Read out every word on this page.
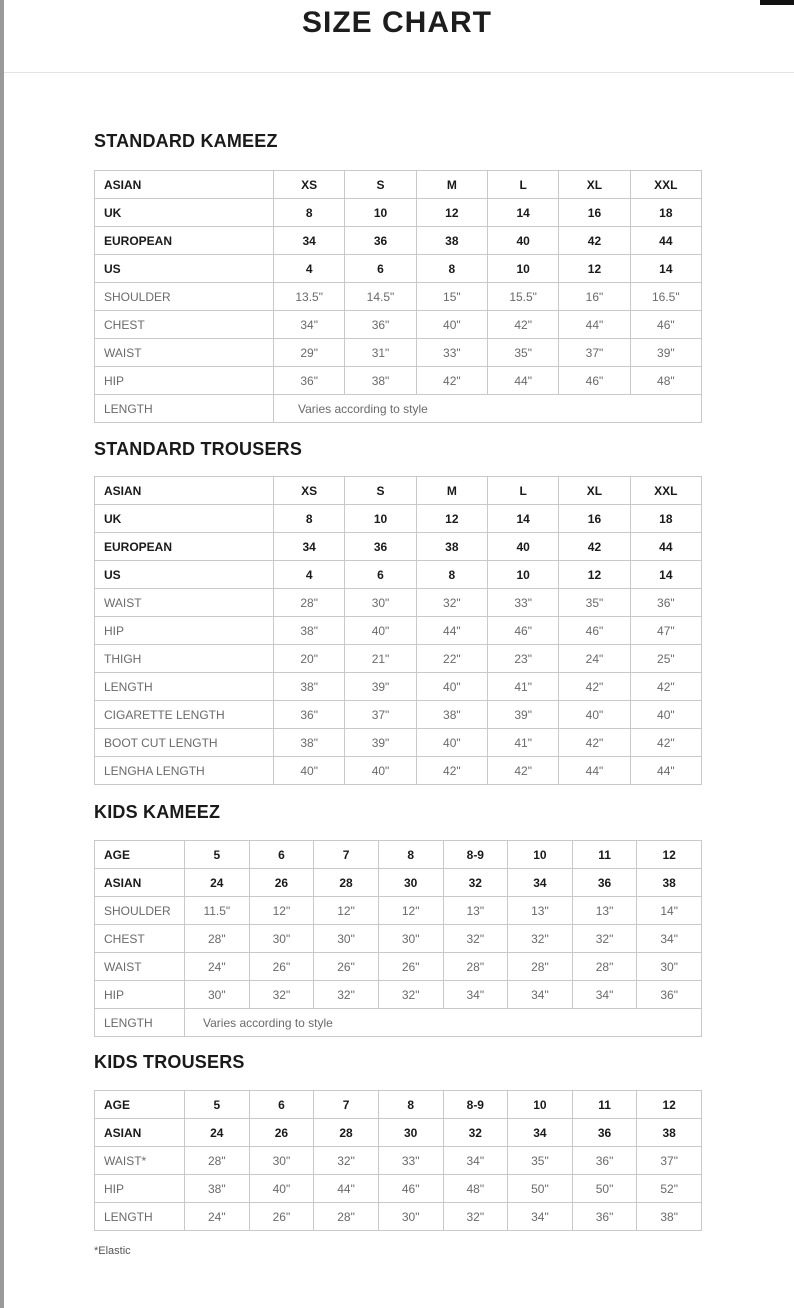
SIZE CHART
STANDARD KAMEEZ
ASIAN	XS	S	M	L	XL	XXL
UK	8	10	12	14	16	18
EUROPEAN	34	36	38	40	42	44
US	4	6	8	10	12	14
SHOULDER	13.5"	14.5"	15"	15.5"	16"	16.5"
CHEST	34"	36"	40"	42"	44"	46"
WAIST	29"	31"	33"	35"	37"	39"
HIP	36"	38"	42"	44"	46"	48"
LENGTH	Varies according to style					
STANDARD TROUSERS
ASIAN	XS	S	M	L	XL	XXL
UK	8	10	12	14	16	18
EUROPEAN	34	36	38	40	42	44
US	4	6	8	10	12	14
WAIST	28"	30"	32"	33"	35"	36"
HIP	38"	40"	44"	46"	46"	47"
THIGH	20"	21"	22"	23"	24"	25"
LENGTH	38"	39"	40"	41"	42"	42"
CIGARETTE LENGTH	36"	37"	38"	39"	40"	40"
BOOT CUT LENGTH	38"	39"	40"	41"	42"	42"
LENGHA LENGTH	40"	40"	42"	42"	44"	44"
KIDS KAMEEZ
AGE	5	6	7	8	8-9	10	11	12
ASIAN	24	26	28	30	32	34	36	38
SHOULDER	11.5"	12"	12"	12"	13"	13"	13"	14"
CHEST	28"	30"	30"	30"	32"	32"	32"	34"
WAIST	24"	26"	26"	26"	28"	28"	28"	30"
HIP	30"	32"	32"	32"	34"	34"	34"	36"
LENGTH	Varies according to style							
KIDS TROUSERS
AGE	5	6	7	8	8-9	10	11	12
ASIAN	24	26	28	30	32	34	36	38
WAIST*	28"	30"	32"	33"	34"	35"	36"	37"
HIP	38"	40"	44"	46"	48"	50"	50"	52"
LENGTH	24"	26"	28"	30"	32"	34"	36"	38"
*Elastic
